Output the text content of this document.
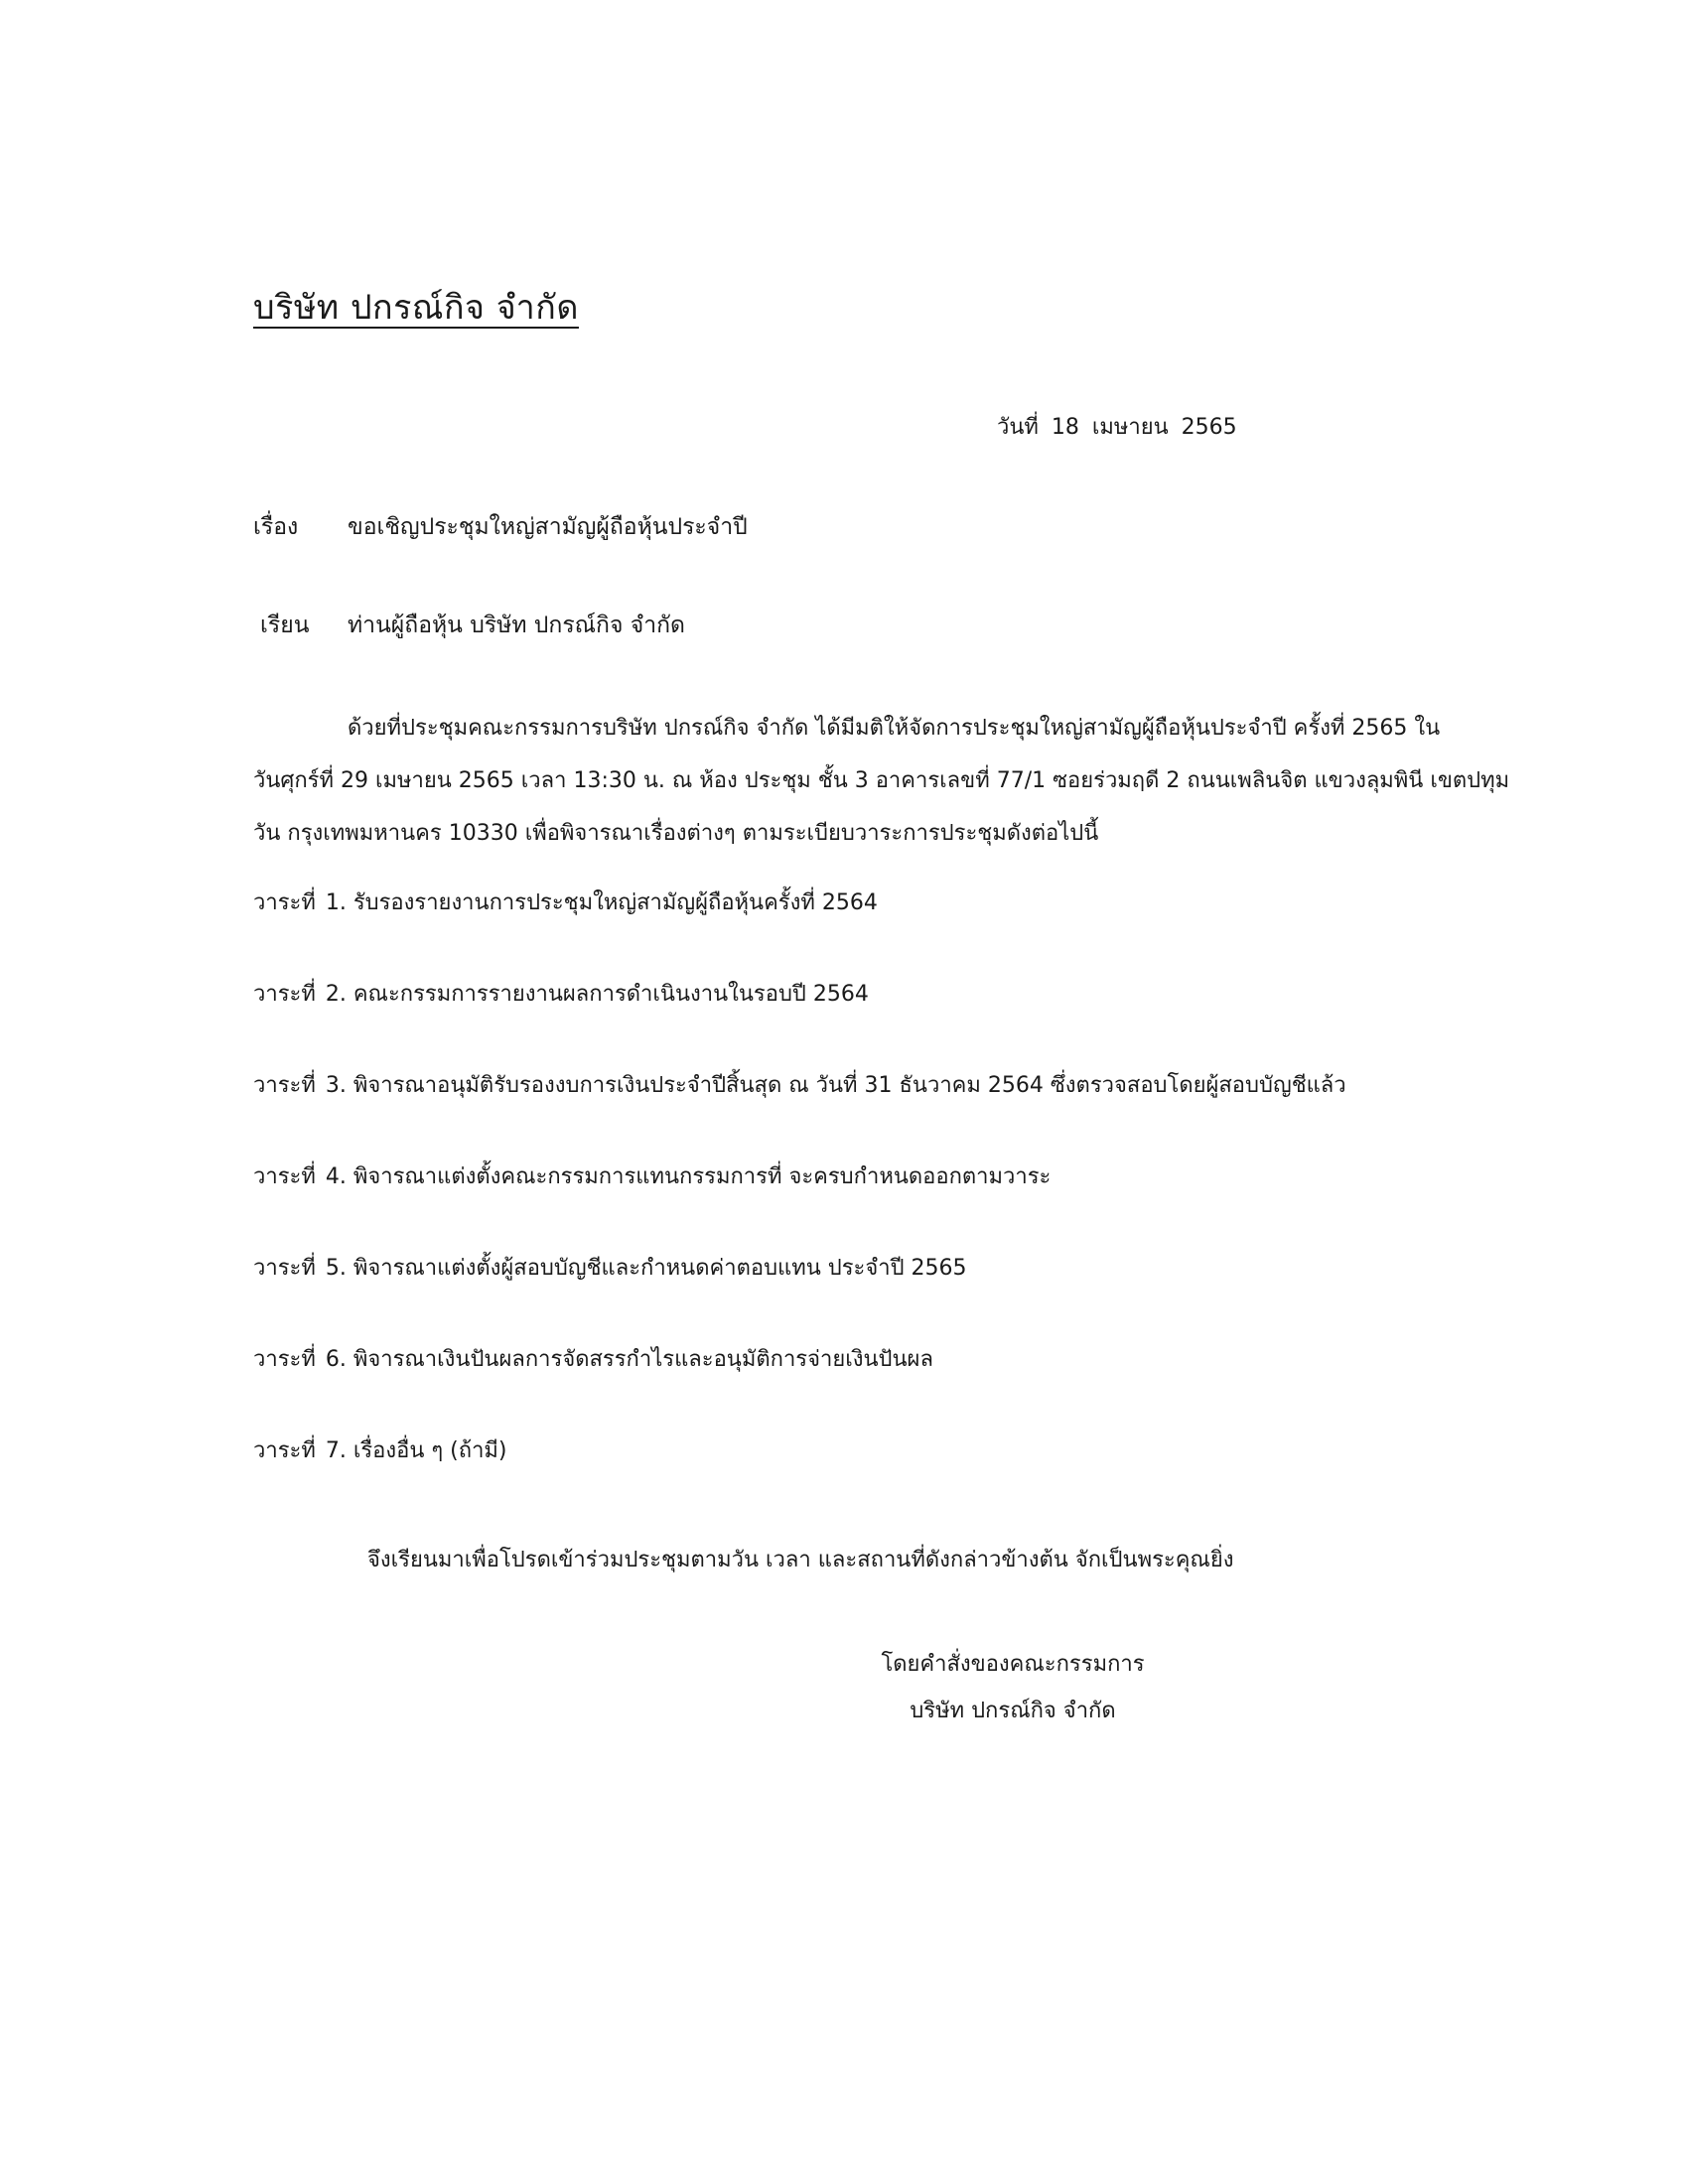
บริษัท ปกรณ์กิจ จำกัด
วันที่ 18 เมษายน 2565
เรื่อง ขอเชิญประชุมใหญ่สามัญผู้ถือหุ้นประจำปี
เรียน ท่านผู้ถือหุ้น บริษัท ปกรณ์กิจ จำกัด
ด้วยที่ประชุมคณะกรรมการบริษัท ปกรณ์กิจ จำกัด ได้มีมติให้จัดการประชุมใหญ่สามัญผู้ถือหุ้นประจำปี ครั้งที่ 2565 ใน
วันศุกร์ที่ 29 เมษายน 2565 เวลา 13:30 น. ณ ห้อง ประชุม ชั้น 3 อาคารเลขที่ 77/1 ซอยร่วมฤดี 2 ถนนเพลินจิต แขวงลุมพินี เขตปทุม
วัน กรุงเทพมหานคร 10330 เพื่อพิจารณาเรื่องต่างๆ ตามระเบียบวาระการประชุมดังต่อไปนี้
วาระที่ 1. รับรองรายงานการประชุมใหญ่สามัญผู้ถือหุ้นครั้งที่ 2564
วาระที่ 2. คณะกรรมการรายงานผลการดำเนินงานในรอบปี 2564
วาระที่ 3. พิจารณาอนุมัติรับรองงบการเงินประจำปีสิ้นสุด ณ วันที่ 31 ธันวาคม 2564 ซึ่งตรวจสอบโดยผู้สอบบัญชีแล้ว
วาระที่ 4. พิจารณาแต่งตั้งคณะกรรมการแทนกรรมการที่ จะครบกำหนดออกตามวาระ
วาระที่ 5. พิจารณาแต่งตั้งผู้สอบบัญชีและกำหนดค่าตอบแทน ประจำปี 2565
วาระที่ 6. พิจารณาเงินปันผลการจัดสรรกำไรและอนุมัติการจ่ายเงินปันผล
วาระที่ 7. เรื่องอื่น ๆ (ถ้ามี)
จึงเรียนมาเพื่อโปรดเข้าร่วมประชุมตามวัน เวลา และสถานที่ดังกล่าวข้างต้น จักเป็นพระคุณยิ่ง
โดยคำสั่งของคณะกรรมการ
บริษัท ปกรณ์กิจ จำกัด
